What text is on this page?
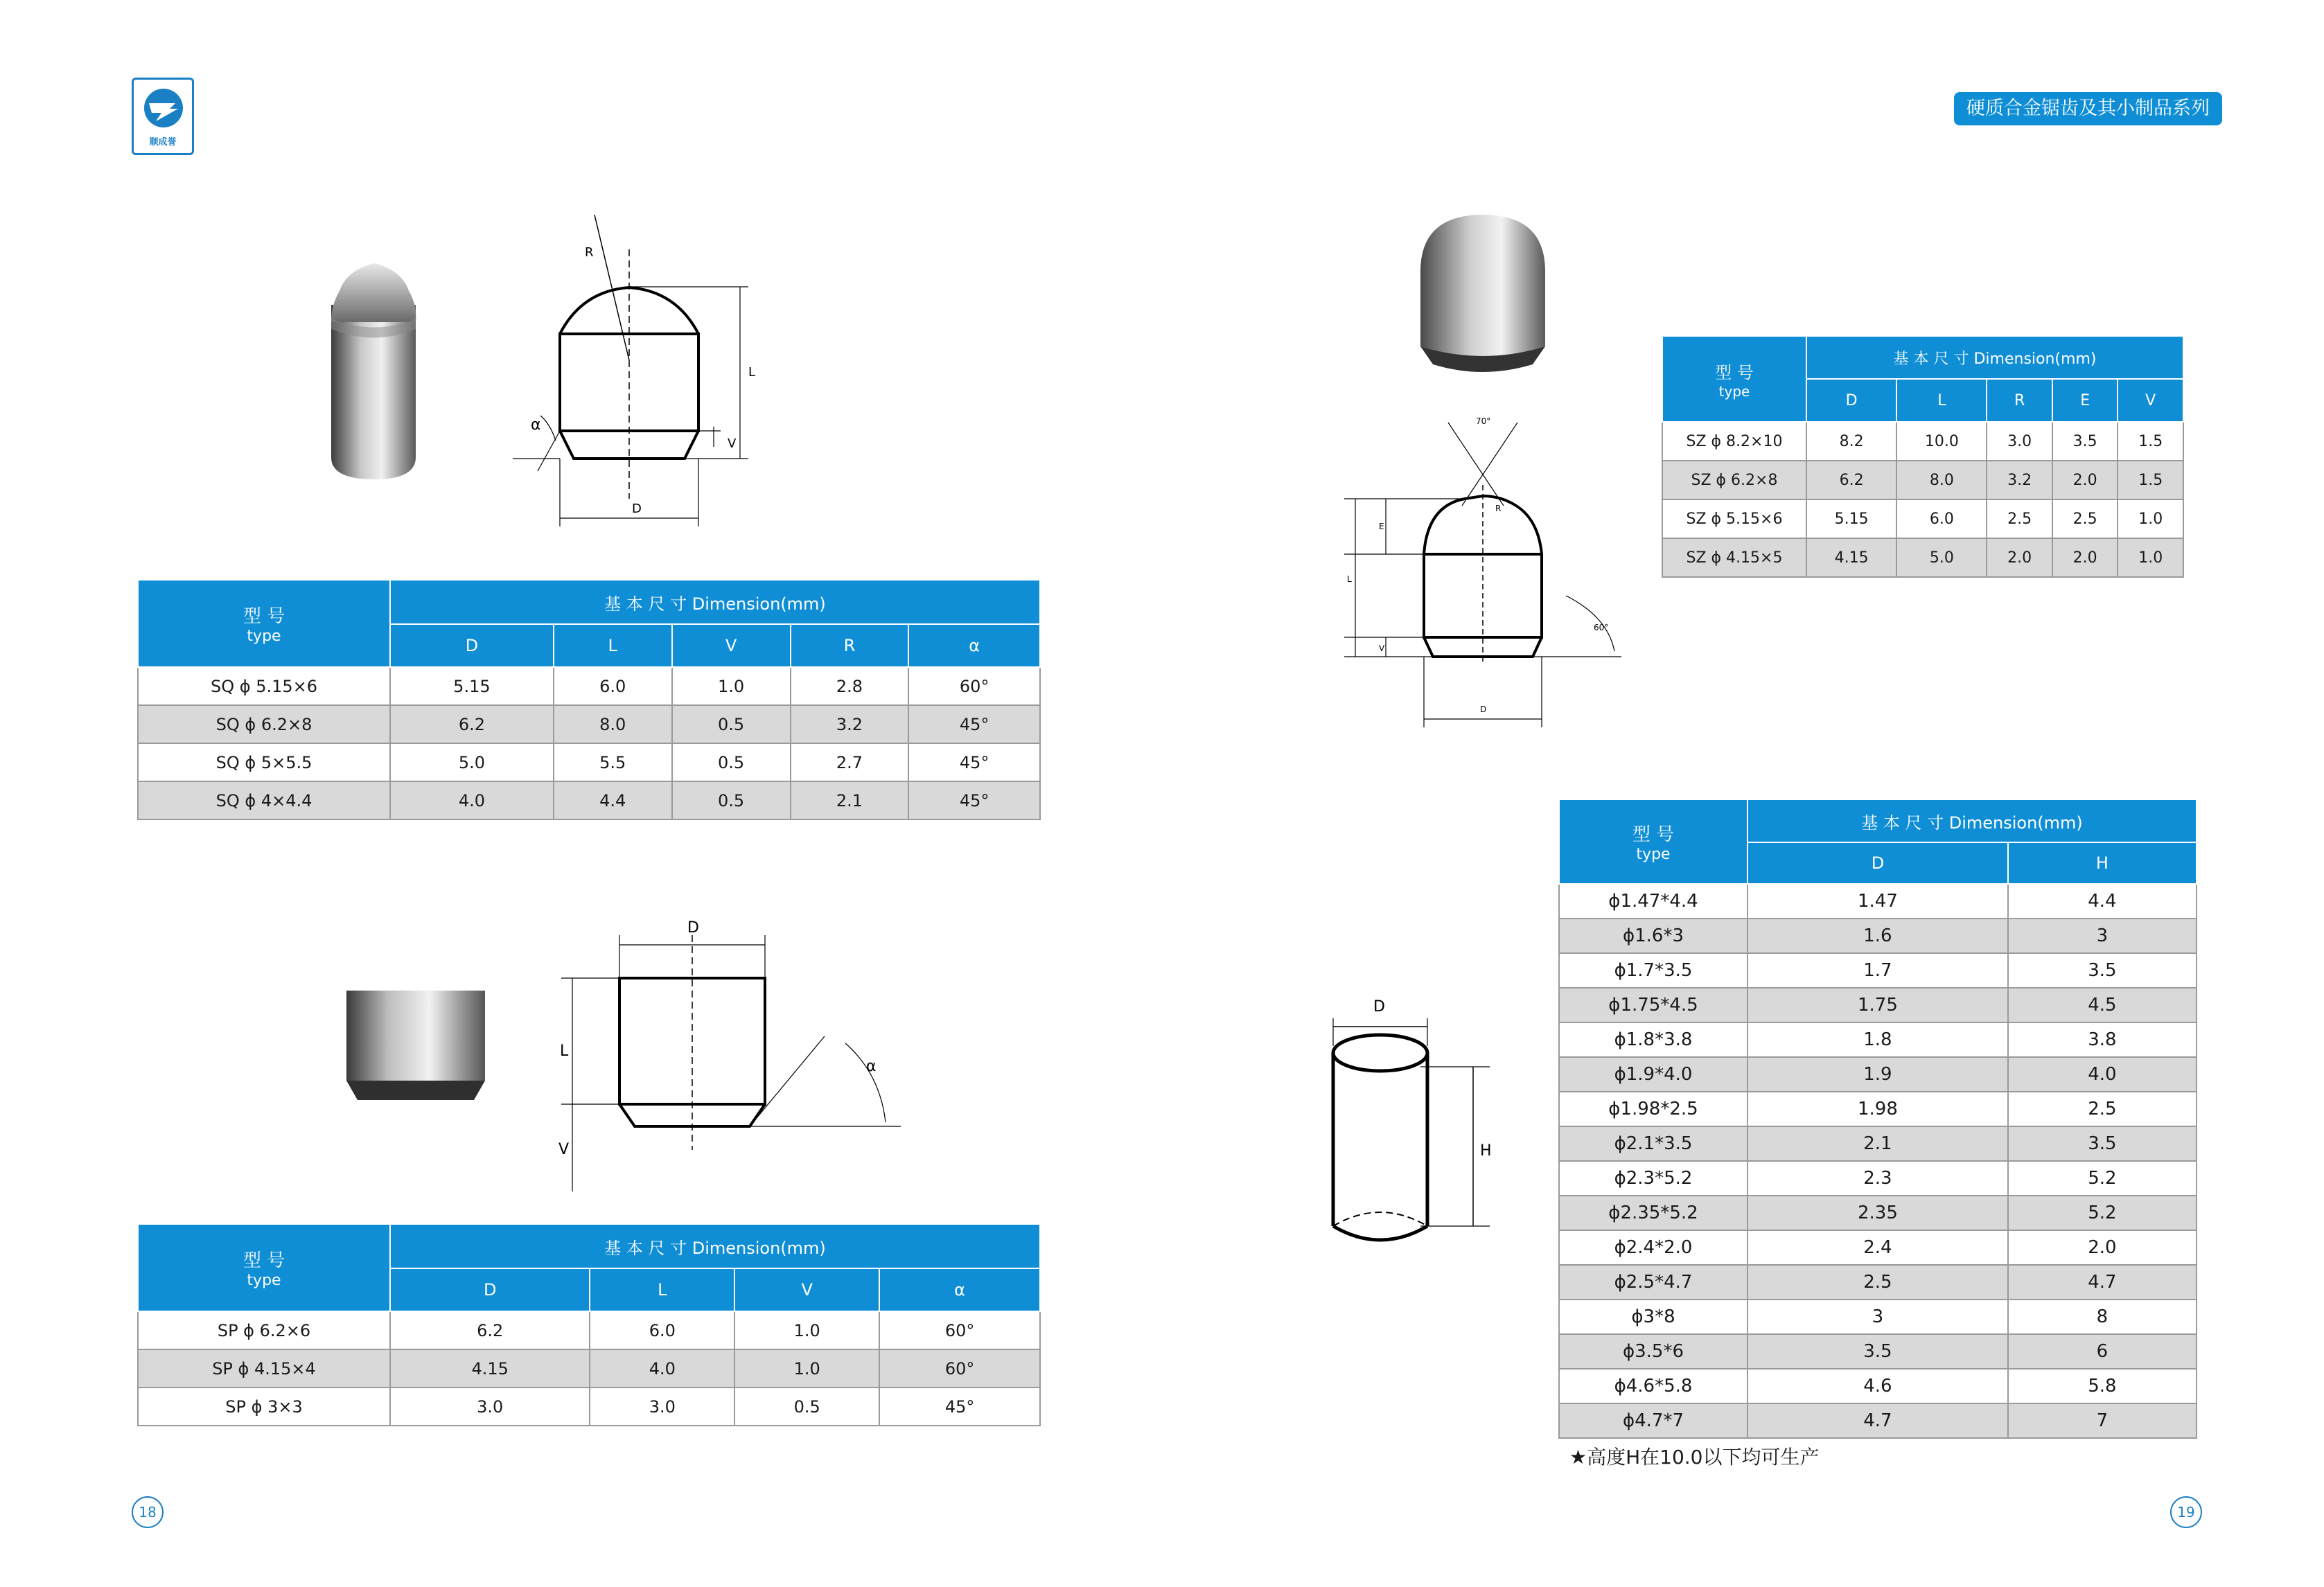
顺成誉
硬质合金锯齿及其小制品系列
R
L
α
V
D
型 号
type	基 本 尺 寸 Dimension(mm)				
	D	L	V	R	α
SQ ϕ 5.15×6	5.15	6.0	1.0	2.8	60°
SQ ϕ 6.2×8	6.2	8.0	0.5	3.2	45°
SQ ϕ 5×5.5	5.0	5.5	0.5	2.7	45°
SQ ϕ 4×4.4	4.0	4.4	0.5	2.1	45°
D
L
V
α
型 号
type	基 本 尺 寸 Dimension(mm)			
	D	L	V	α
SP ϕ 6.2×6	6.2	6.0	1.0	60°
SP ϕ 4.15×4	4.15	4.0	1.0	60°
SP ϕ 3×3	3.0	3.0	0.5	45°
18
70°
R
E
L
V
60°
D
型 号
type	基 本 尺 寸 Dimension(mm)				
	D	L	R	E	V
SZ ϕ 8.2×10	8.2	10.0	3.0	3.5	1.5
SZ ϕ 6.2×8	6.2	8.0	3.2	2.0	1.5
SZ ϕ 5.15×6	5.15	6.0	2.5	2.5	1.0
SZ ϕ 4.15×5	4.15	5.0	2.0	2.0	1.0
D
H
型 号
type	基 本 尺 寸 Dimension(mm)	
	D	H
ϕ1.47*4.4	1.47	4.4
ϕ1.6*3	1.6	3
ϕ1.7*3.5	1.7	3.5
ϕ1.75*4.5	1.75	4.5
ϕ1.8*3.8	1.8	3.8
ϕ1.9*4.0	1.9	4.0
ϕ1.98*2.5	1.98	2.5
ϕ2.1*3.5	2.1	3.5
ϕ2.3*5.2	2.3	5.2
ϕ2.35*5.2	2.35	5.2
ϕ2.4*2.0	2.4	2.0
ϕ2.5*4.7	2.5	4.7
ϕ3*8	3	8
ϕ3.5*6	3.5	6
ϕ4.6*5.8	4.6	5.8
ϕ4.7*7	4.7	7
★高度H在10.0以下均可生产
19
